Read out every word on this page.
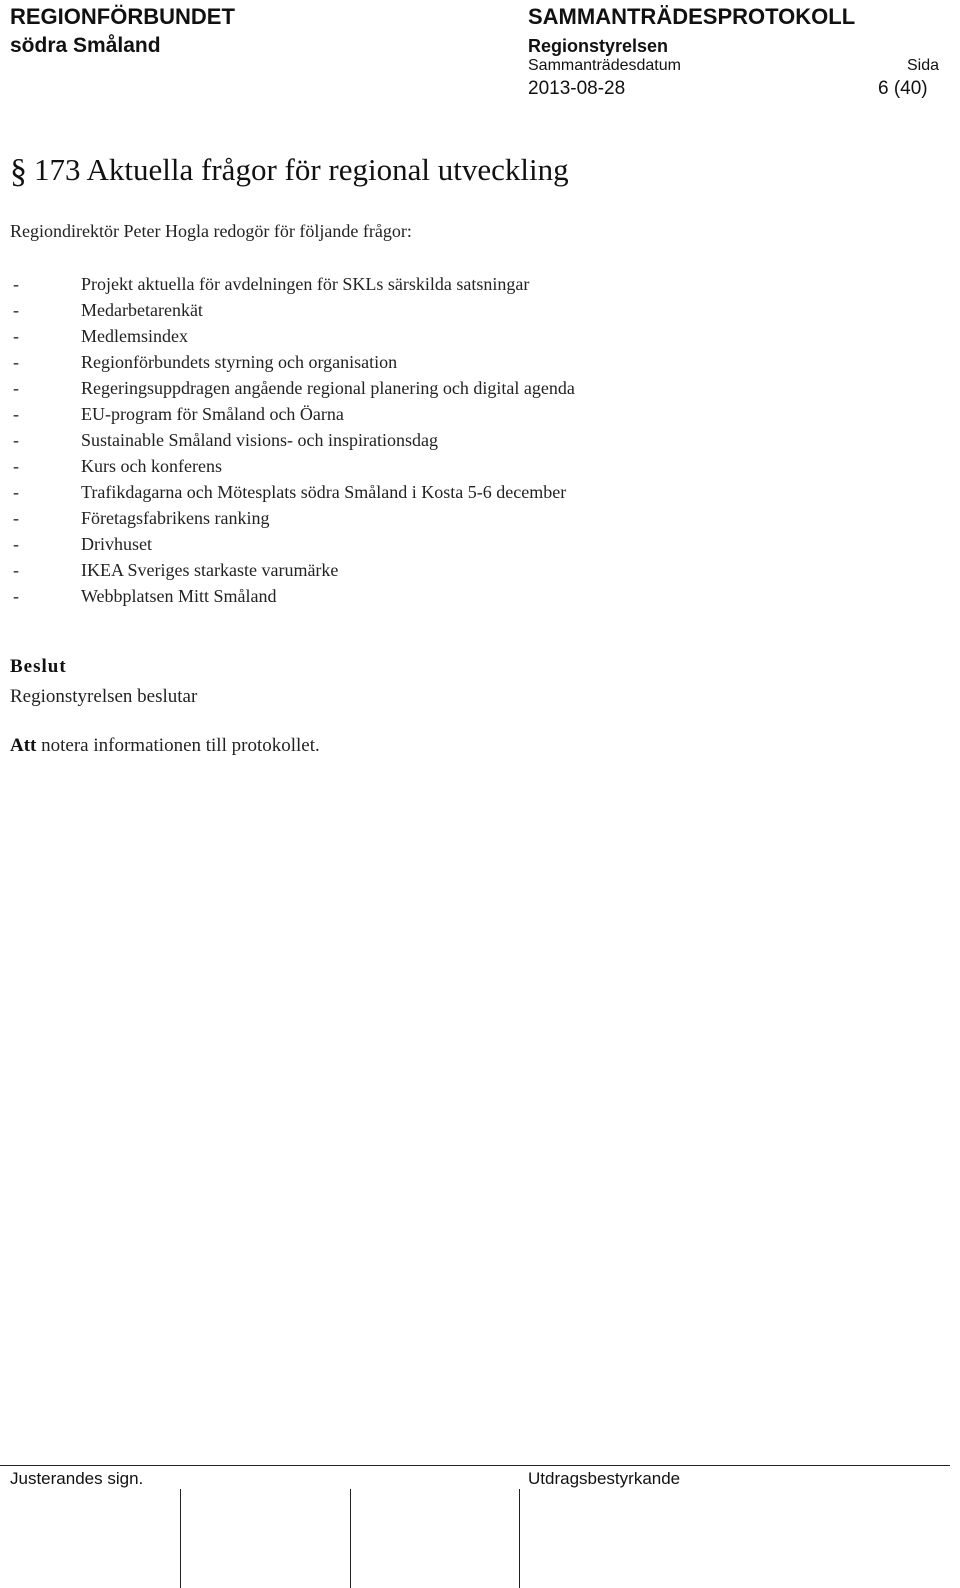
REGIONFÖRBUNDET
södra Småland
SAMMANTRÄDESPROTOKOLL
Regionstyrelsen
Sammanträdesdatum	Sida
2013-08-28	6 (40)
§ 173 Aktuella frågor för regional utveckling
Regiondirektör Peter Hogla redogör för följande frågor:
-	Projekt aktuella för avdelningen för SKLs särskilda satsningar
-	Medarbetarenkät
-	Medlemsindex
-	Regionförbundets styrning och organisation
-	Regeringsuppdragen angående regional planering och digital agenda
-	EU-program för Småland och Öarna
-	Sustainable Småland visions- och inspirationsdag
-	Kurs och konferens
-	Trafikdagarna och Mötesplats södra Småland i Kosta 5-6 december
-	Företagsfabrikens ranking
-	Drivhuset
-	IKEA Sveriges starkaste varumärke
-	Webbplatsen Mitt Småland
Beslut
Regionstyrelsen beslutar
Att notera informationen till protokollet.
Justerandes sign.	Utdragsbestyrkande
